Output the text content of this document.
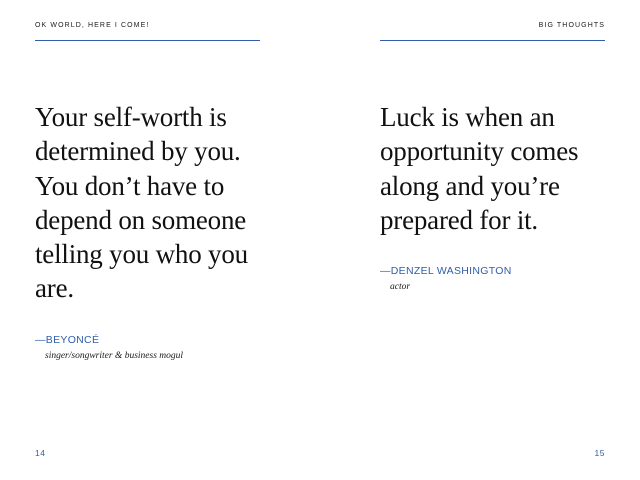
OK WORLD, HERE I COME!

Your self-worth is determined by you. You don’t have to depend on someone telling you who you are.

—BEYONCÉ
singer/songwriter & business mogul
14
BIG THOUGHTS

Luck is when an opportunity comes along and you’re prepared for it.

—DENZEL WASHINGTON
actor
15
